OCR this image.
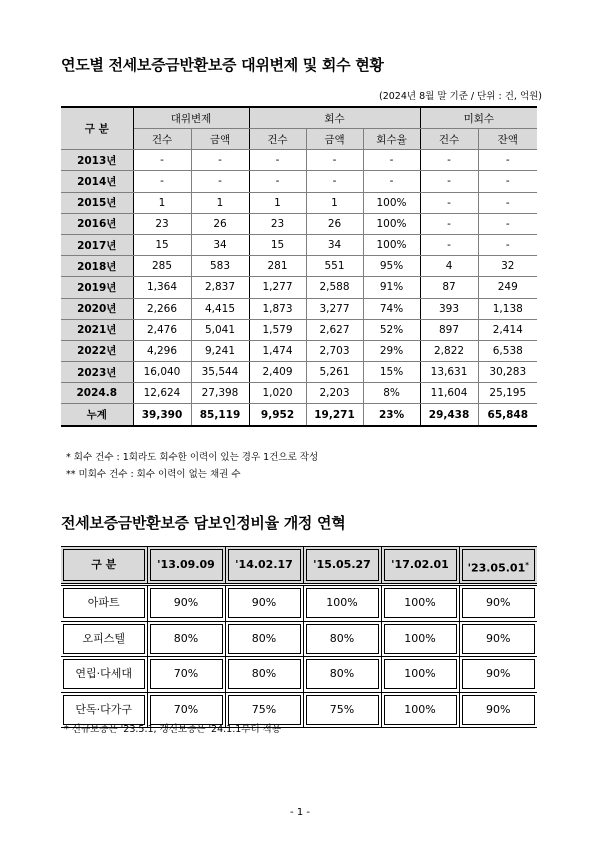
연도별 전세보증금반환보증 대위변제 및 회수 현황
(2024년 8월 말 기준 / 단위 : 건, 억원)
구 분	대위변제		회수			미회수	
	건수	금액	건수	금액	회수율	건수	잔액
2013년	-	-	-	-	-	-	-
2014년	-	-	-	-	-	-	-
2015년	1	1	1	1	100%	-	-
2016년	23	26	23	26	100%	-	-
2017년	15	34	15	34	100%	-	-
2018년	285	583	281	551	95%	4	32
2019년	1,364	2,837	1,277	2,588	91%	87	249
2020년	2,266	4,415	1,873	3,277	74%	393	1,138
2021년	2,476	5,041	1,579	2,627	52%	897	2,414
2022년	4,296	9,241	1,474	2,703	29%	2,822	6,538
2023년	16,040	35,544	2,409	5,261	15%	13,631	30,283
2024.8	12,624	27,398	1,020	2,203	8%	11,604	25,195
누계	39,390	85,119	9,952	19,271	23%	29,438	65,848
* 회수 건수 : 1회라도 회수한 이력이 있는 경우 1건으로 작성
** 미회수 건수 : 회수 이력이 없는 채권 수
전세보증금반환보증 담보인정비율 개정 연혁
구 분	'13.09.09	'14.02.17	'15.05.27	'17.02.01	'23.05.01*

아파트	90%	90%	100%	100%	90%

오피스텔	80%	80%	80%	100%	90%

연립·다세대	70%	80%	80%	100%	90%

단독·다가구	70%	75%	75%	100%	90%
* 신규보증은 '23.5.1, 갱신보증은 '24.1.1부터 적용
- 1 -
